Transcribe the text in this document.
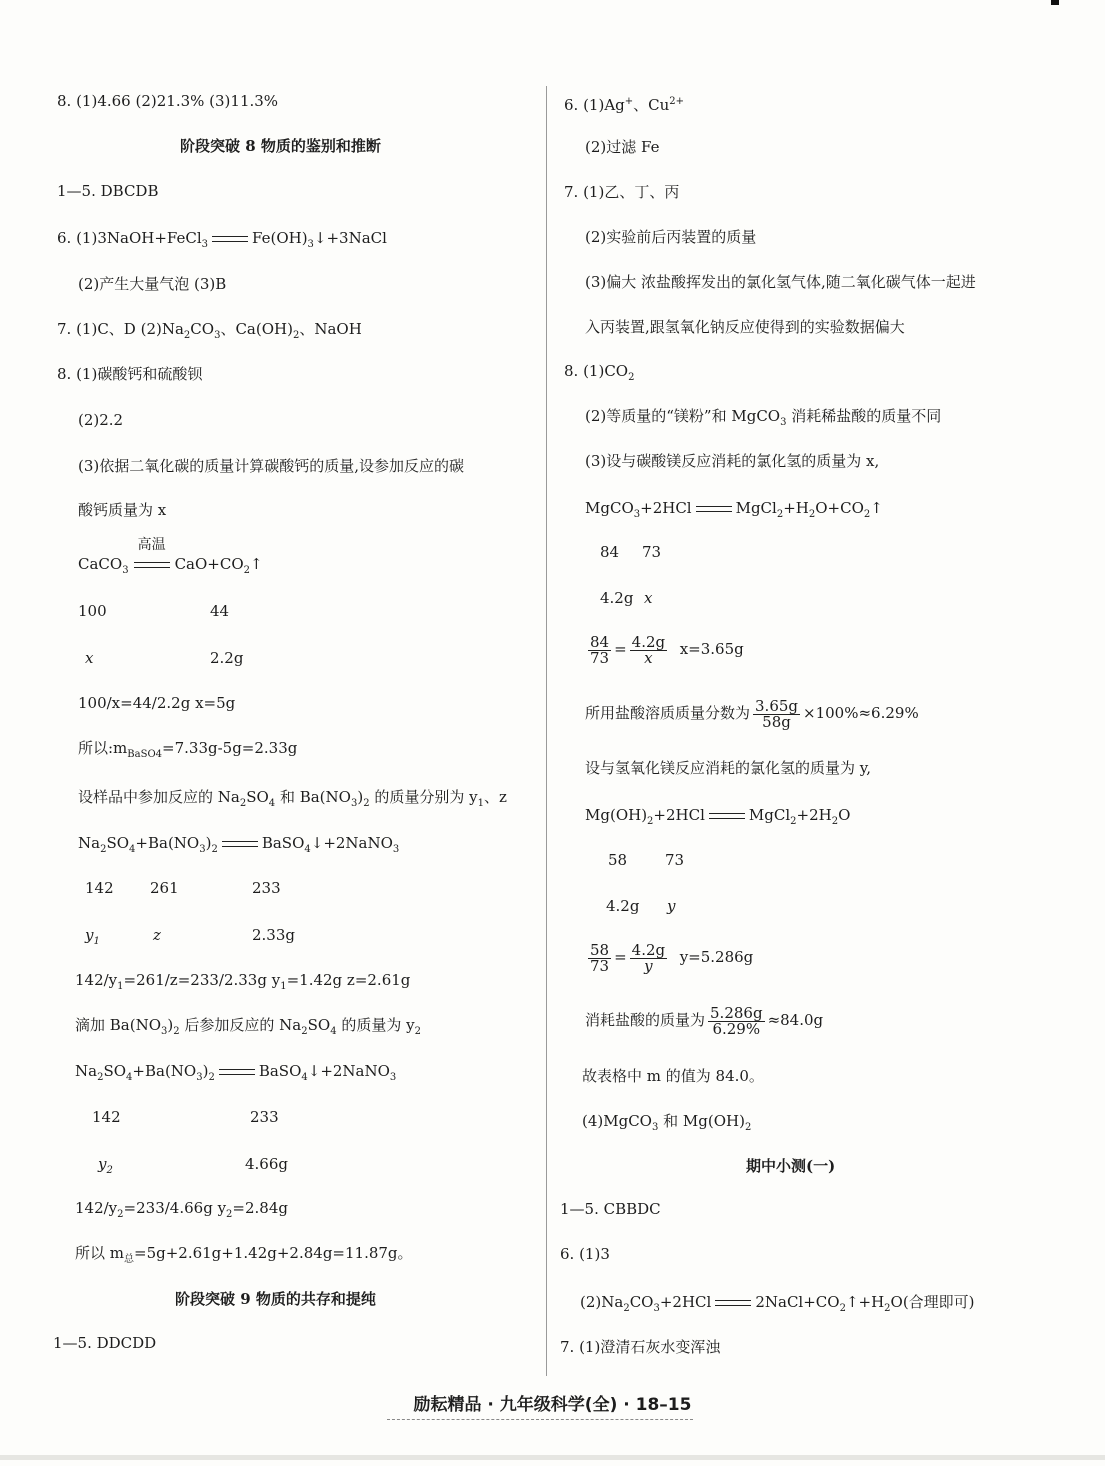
8. (1)4.66 (2)21.3% (3)11.3%
阶段突破 8 物质的鉴别和推断
1—5. DBCDB
6. (1)3NaOH+FeCl$_3$	$Fe(OH)_3↓+3NaCl$
(2)产生大量气泡 (3)B
7. (1)C、D $(2)Na_2CO_3$、$Ca(OH)_2$、NaOH
8. (1)碳酸钙和硫酸钡
(2)2.2
(3)依据二氧化碳的质量计算碳酸钙的质量,设参加反应的碳
酸钙质量为 x
CaCO$_3$
高温
$CaO+CO_2↑$
100	44
x	2.2g
100/x=44/2.2g x=5g
所以$:m_{BaSO4}=7.33g-5g=2.33g$
设样品中参加反应的 $Na_2SO_4$ 和 $Ba(NO_3)_2$ 的质量分别为 $y_1$、z
$Na_2SO_4+Ba(NO_3)_2$	BaSO$_4$↓+2NaNO$_3$
142 261	233
$y_1$	z	2.33g
$142/y_1=261/z=233/2.33g$ $y_1=1.42g$ z=2.61g
滴加 $Ba(NO_3)_2$ 后参加反应的 $Na_2SO_4$ 的质量为 $y_2$
$Na_2SO_4+Ba(NO_3)_2$	BaSO$_4$↓+2NaNO$_3$
142	233
$y_2$	4.66g
$142/y_2=233/4.66g$ $y_2=2.84g$
所以 $m_总=5g+2.61g+1.42g+2.84g=11.87g$。
阶段突破 9 物质的共存和提纯
1—5. DDCDD
6. (1)Ag+、$Cu^{2+}$
(2)过滤 Fe
7. (1)乙、丁、丙
(2)实验前后丙装置的质量
(3)偏大 浓盐酸挥发出的氯化氢气体,随二氧化碳气体一起进
入丙装置,跟氢氧化钠反应使得到的实验数据偏大
8. $(1)CO_2$
(2)等质量的“镁粉”和 MgCO$_3$ 消耗稀盐酸的质量不同
(3)设与碳酸镁反应消耗的氯化氢的质量为 x,
MgCO$_3$+2HCl	$MgCl_2+H_2O+CO_2↑$
84 73
4.2g x
$\frac{84}{73} = \frac{4.2g}{x} x=3.65g$
所用盐酸溶质质量分数为 $\frac{3.65g}{58g} \times 100\%\approx 6.29\%$
设与氢氧化镁反应消耗的氯化氢的质量为 y,
$Mg(OH)_2+2HCl$	$MgCl_2+2H_2O$
58	73
4.2g y
$\frac{58}{73} = \frac{4.2g}{y} y=5.286g$
消耗盐酸的质量为 $\frac{5.286g}{6.29\%} \approx 84.0g$
故表格中 m 的值为 84.0。
(4)MgCO$_3$ 和 $Mg(OH)_2$
期中小测(一)
1—5. CBBDC
6. (1)3
$(2)Na_2CO_3+2HCl$	$2NaCl+CO_2↑+H_2O$(合理即可)
7. (1)澄清石灰水变浑浊
励耘精品 · 九年级科学(全) · 18–15
